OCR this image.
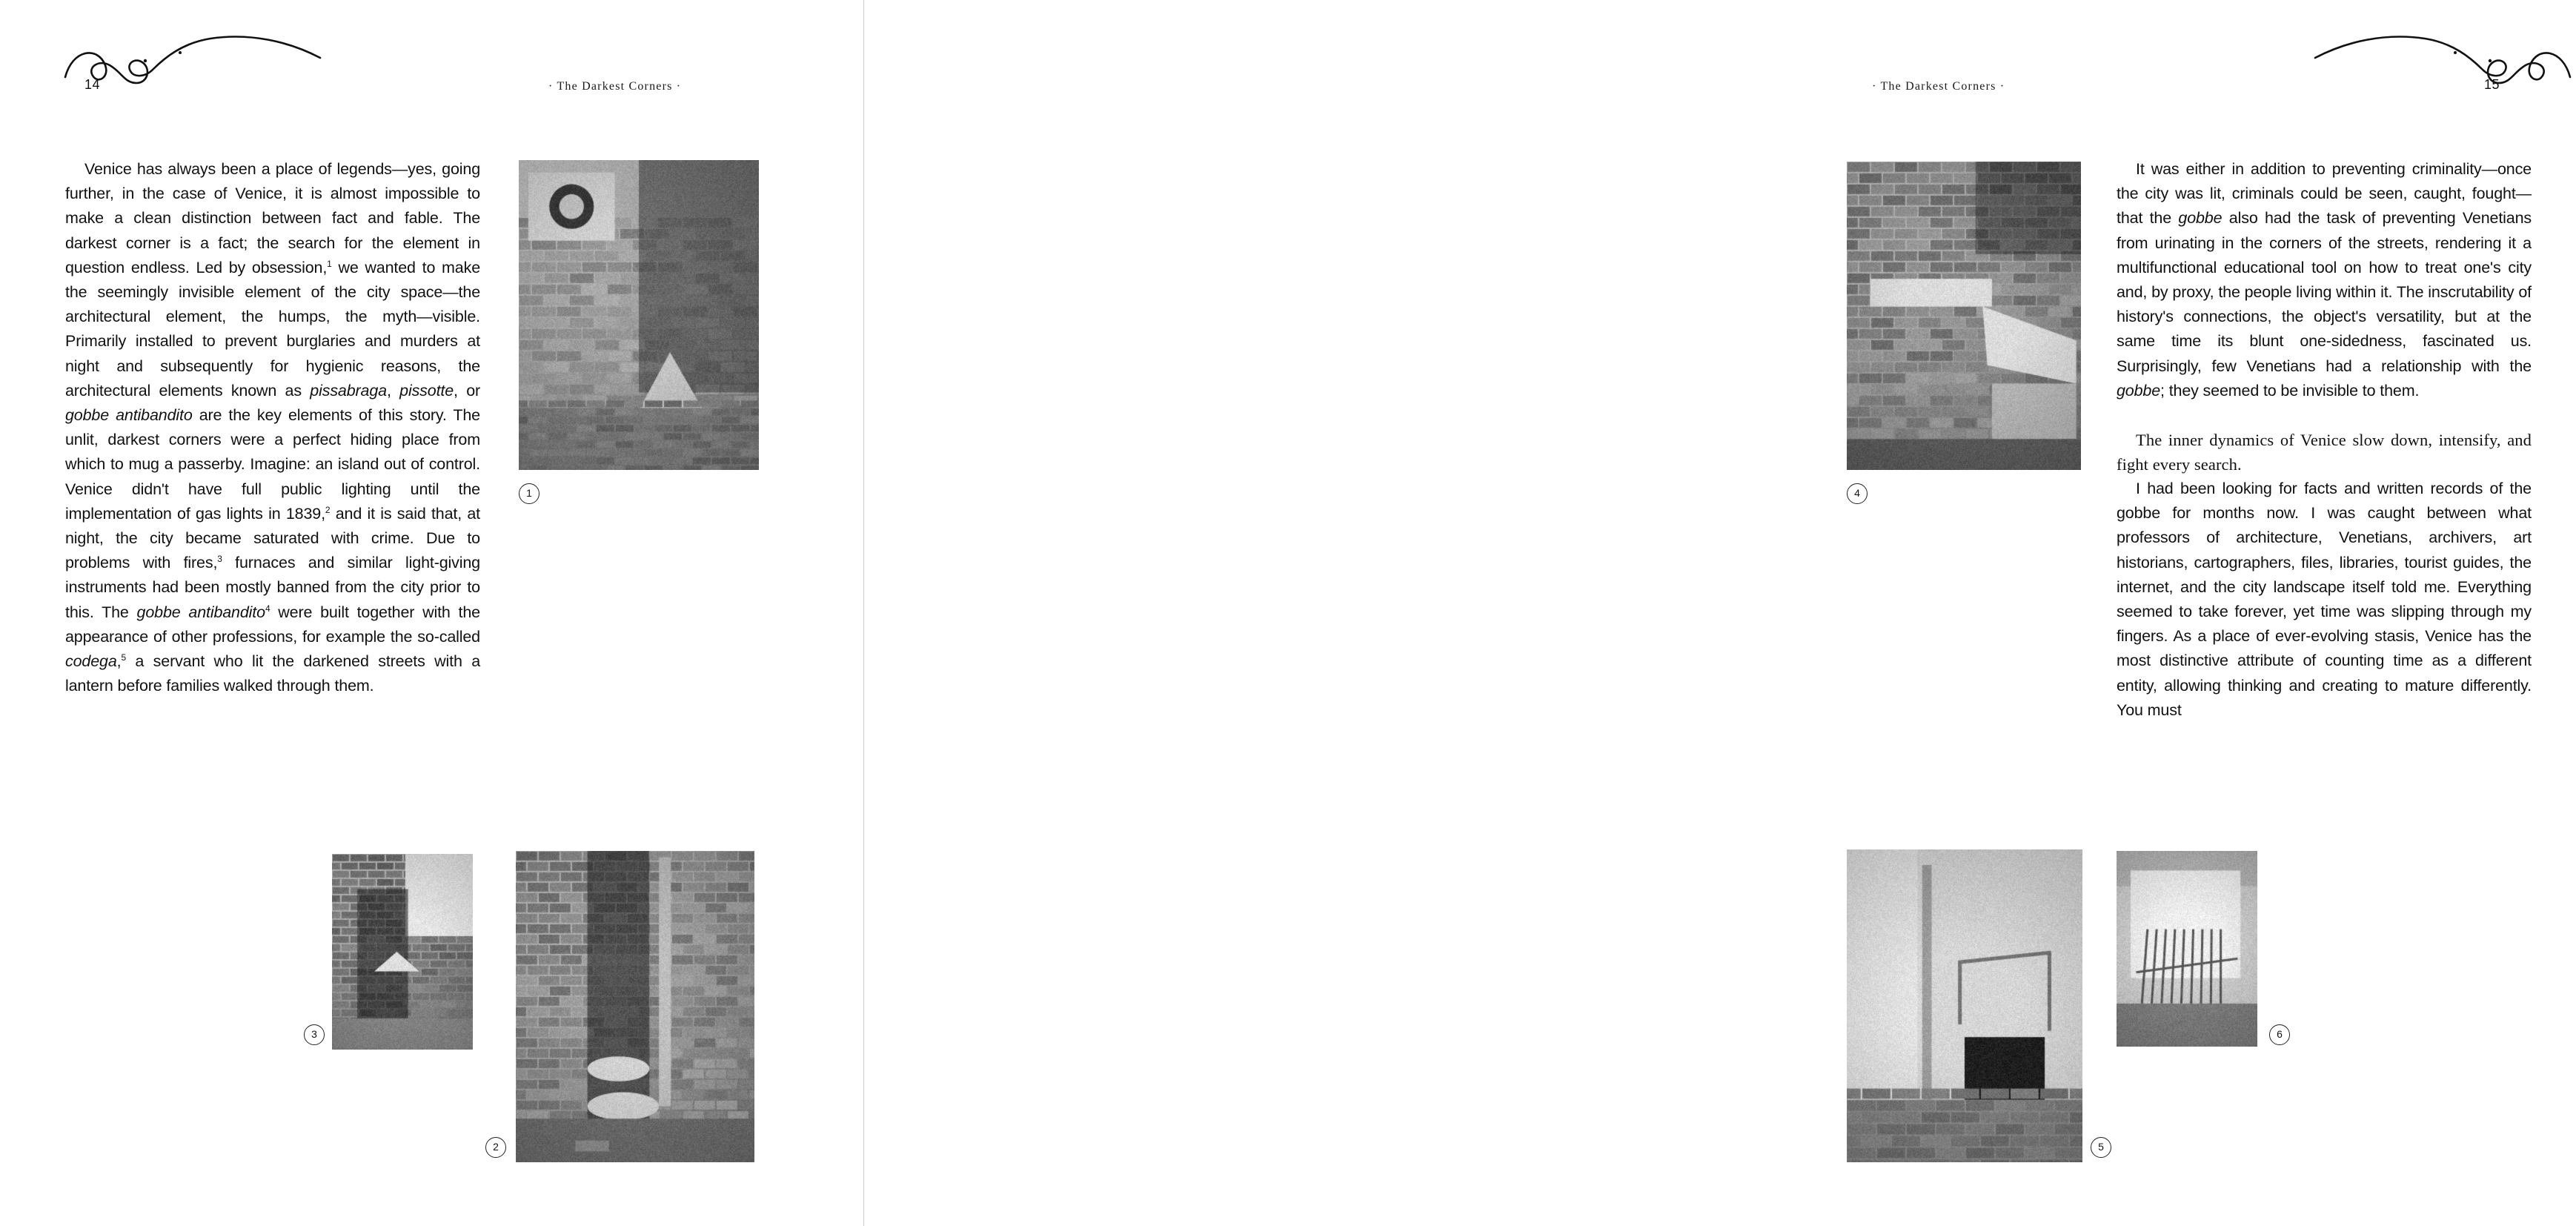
14	· The Darkest Corners ·

Venice has always been a place of legends—yes, going further, in the case of Venice, it is almost impossible to make a clean distinction between fact and fable. The darkest corner is a fact; the search for the element in question endless. Led by obsession,$^1$ we wanted to make the seemingly invisible element of the city space—the architectural element, the humps, the myth—visible. Primarily installed to prevent burglaries and murders at night and subsequently for hygienic reasons, the architectural elements known as pissabraga, pissotte, or gobbe antibandito are the key elements of this story. The unlit, darkest corners were a perfect hiding place from which to mug a passerby. Imagine: an island out of control. Venice didn't have full public lighting until the implementation of gas lights in 1839,$^2$ and it is said that, at night, the city became saturated with crime. Due to problems with fires,$^3$ furnaces and similar light-giving instruments had been mostly banned from the city prior to this. The gobbe antibandito$^4$ were built together with the appearance of other professions, for example the so-called codega,$^5$ a servant who lit the darkened streets with a lantern before families walked through them.

1
3
2
15
· The Darkest Corners ·

It was either in addition to preventing criminality—once the city was lit, criminals could be seen, caught, fought—that the gobbe also had the task of preventing Venetians from urinating in the corners of the streets, rendering it a multifunctional educational tool on how to treat one's city and, by proxy, the people living within it. The inscrutability of history's connections, the object's versatility, but at the same time its blunt one-sidedness, fascinated us. Surprisingly, few Venetians had a relationship with the gobbe; they seemed to be invisible to them.

The inner dynamics of Venice slow down, intensify, and fight every search.

I had been looking for facts and written records of the gobbe for months now. I was caught between what professors of architecture, Venetians, archivers, art historians, cartographers, files, libraries, tourist guides, the internet, and the city landscape itself told me. Everything seemed to take forever, yet time was slipping through my fingers. As a place of ever-evolving stasis, Venice has the most distinctive attribute of counting time as a different entity, allowing thinking and creating to mature differently. You must

4
5
6
